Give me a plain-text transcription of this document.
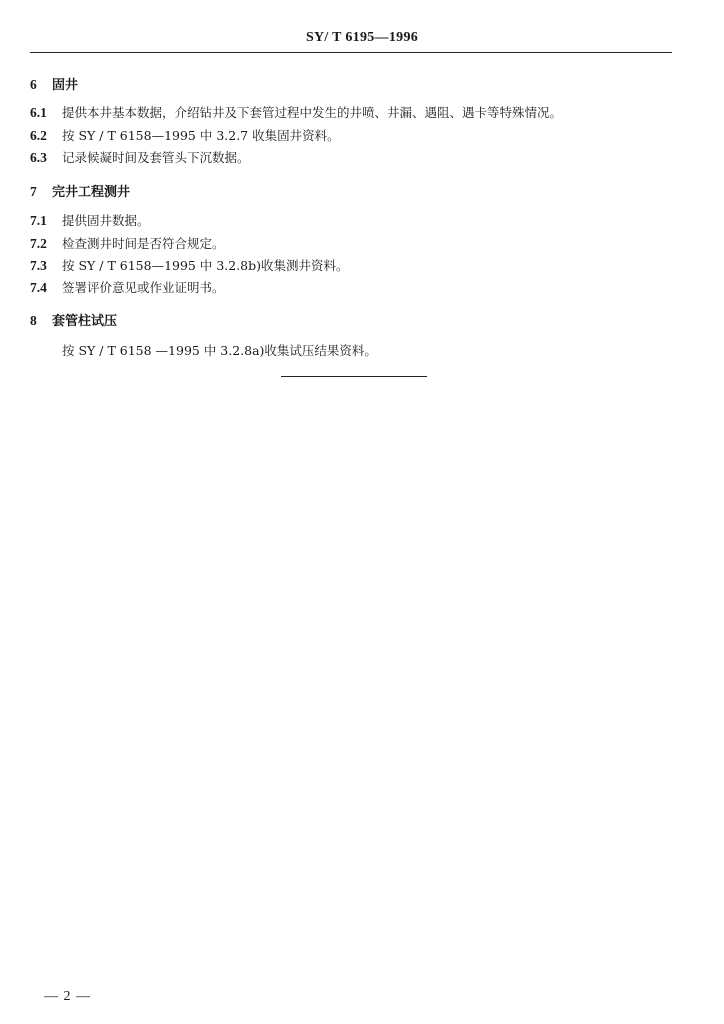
SY/ T 6195—1996
6 固井
6.1 提供本井基本数据，介绍钻井及下套管过程中发生的井喷、井漏、遇阻、遇卡等特殊情况。
6.2 按 SY / T 6158—1995 中 3.2.7 收集固井资料。
6.3 记录候凝时间及套管头下沉数据。
7 完井工程测井
7.1 提供固井数据。
7.2 检查测井时间是否符合规定。
7.3 按 SY / T 6158—1995 中 3.2.8b)收集测井资料。
7.4 签署评价意见或作业证明书。
8 套管柱试压
按 SY / T 6158 —1995 中 3.2.8a)收集试压结果资料。
— 2 —
